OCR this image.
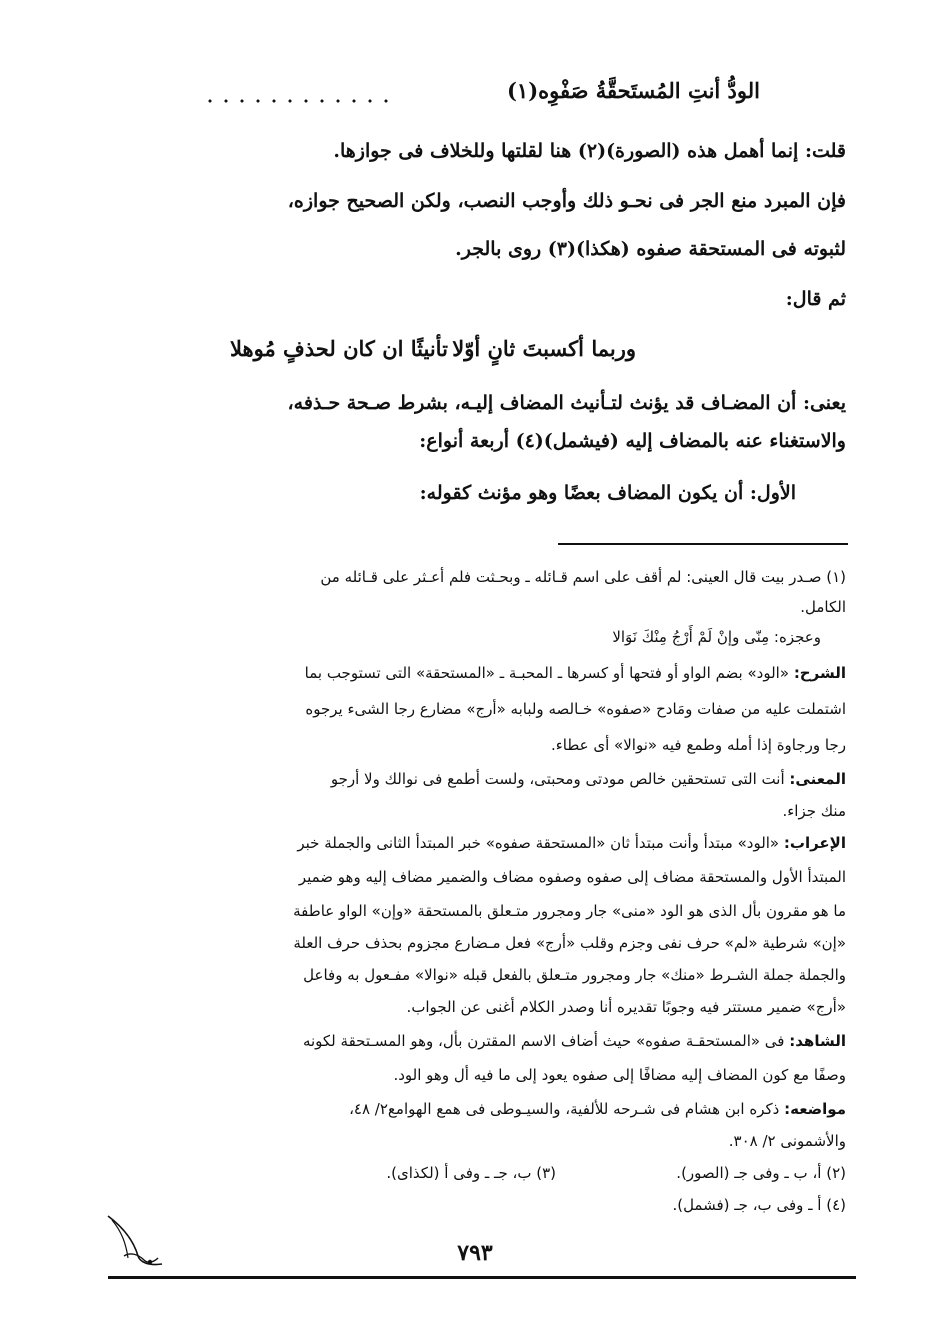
الودُّ أنتِ المُستَحقَّةُ صَفْوِه(١)
قلت: إنما أهمل هذه (الصورة)(٢) هنا لقلتها وللخلاف فى جوازها.
فإن المبرد منع الجر فى نحـو ذلك وأوجب النصب، ولكن الصحيح جوازه،
لثبوته فى المستحقة صفوه (هكذا)(٣) روى بالجر.
ثم قال:
وربما أكسبتَ ثانٍ أوّلا
تأنيثًا ان كان لحذفٍ مُوهلا
يعنى: أن المضـاف قد يؤنث لتـأنيث المضاف إليـه، بشرط صـحة حـذفه،
والاستغناء عنه بالمضاف إليه (فيشمل)(٤) أربعة أنواع:
الأول: أن يكون المضاف بعضًا وهو مؤنث كقوله:
(١) صـدر بيت قال العينى: لم أقف على اسم قـائله ـ وبحـثت فلم أعـثر على قـائله من
الكامل.
وعجزه: مِنّى وإنْ لَمْ أَرْجُ مِنْكَ نَوَالا
الشرح: «الود» بضم الواو أو فتحها أو كسرها ـ المحبـة ـ «المستحقة» التى تستوجب بما
اشتملت عليه من صفات ومَادح «صفوه» خـالصه ولبابه «أرج» مضارع رجا الشىء يرجوه
رجا ورجاوة إذا أمله وطمع فيه «نوالا» أى عطاء.
المعنى: أنت التى تستحقين خالص مودتى ومحبتى، ولست أطمع فى نوالك ولا أرجو
منك جزاء.
الإعراب: «الود» مبتدأ وأنت مبتدأ ثان «المستحقة صفوه» خبر المبتدأ الثانى والجملة خبر
المبتدأ الأول والمستحقة مضاف إلى صفوه وصفوه مضاف والضمير مضاف إليه وهو ضمير
ما هو مقرون بأل الذى هو الود «منى» جار ومجرور متـعلق بالمستحقة «وإن» الواو عاطفة
«إن» شرطية «لم» حرف نفى وجزم وقلب «أرج» فعل مـضارع مجزوم بحذف حرف العلة
والجملة جملة الشـرط «منك» جار ومجرور متـعلق بالفعل قبله «نوالا» مفـعول به وفاعل
«أرج» ضمير مستتر فيه وجوبًا تقديره أنا وصدر الكلام أغنى عن الجواب.
الشاهد: فى «المستحقـة صفوه» حيث أضاف الاسم المقترن بأل، وهو المسـتحقة لكونه
وصفًا مع كون المضاف إليه مضافًا إلى صفوه يعود إلى ما فيه أل وهو الود.
مواضعه: ذكره ابن هشام فى شـرحه للألفية، والسيـوطى فى همع الهوامع٢/ ٤٨،
والأشمونى ٢/ ٣٠٨.
(٢) أ، ب ـ وفى جـ (الصور).
(٣) ب، جـ ـ وفى أ (لكذاى).
(٤) أ ـ وفى ب، جـ (فشمل).
٧٩٣
